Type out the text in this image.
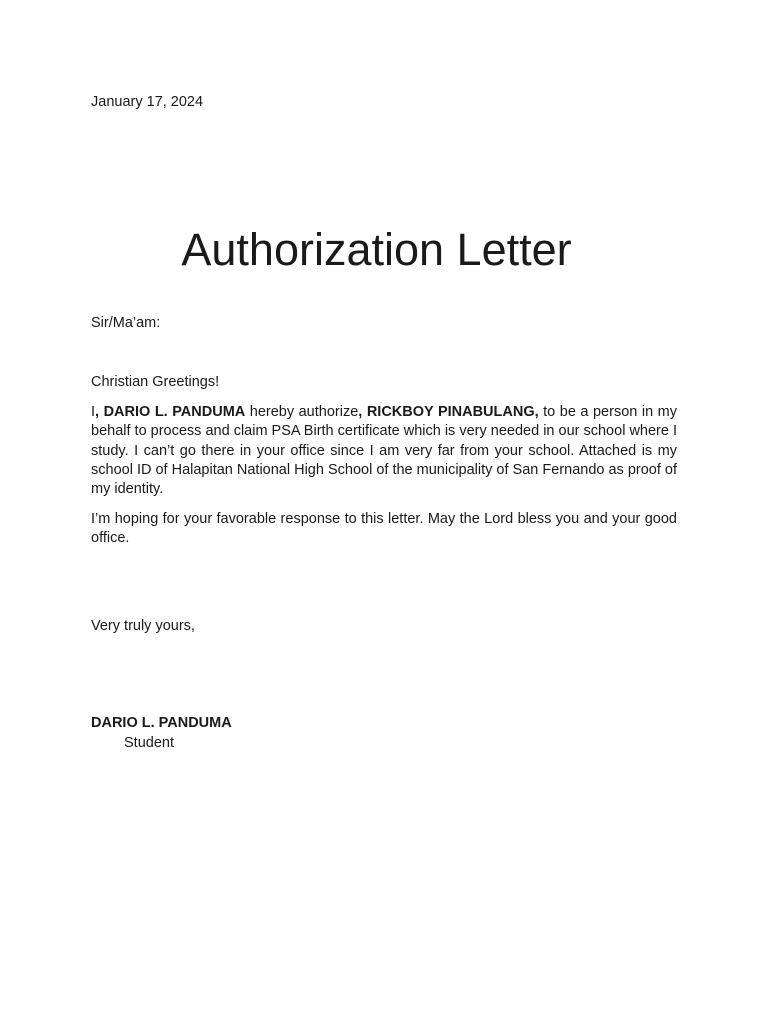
January 17, 2024
Authorization Letter
Sir/Ma’am:
Christian Greetings!

I, DARIO L. PANDUMA hereby authorize, RICKBOY PINABULANG, to be a person in my behalf to process and claim PSA Birth certificate which is very needed in our school where I study. I can’t go there in your office since I am very far from your school. Attached is my school ID of Halapitan National High School of the municipality of San Fernando as proof of my identity.

I’m hoping for your favorable response to this letter. May the Lord bless you and your good office.

Very truly yours,
DARIO L. PANDUMA
Student
